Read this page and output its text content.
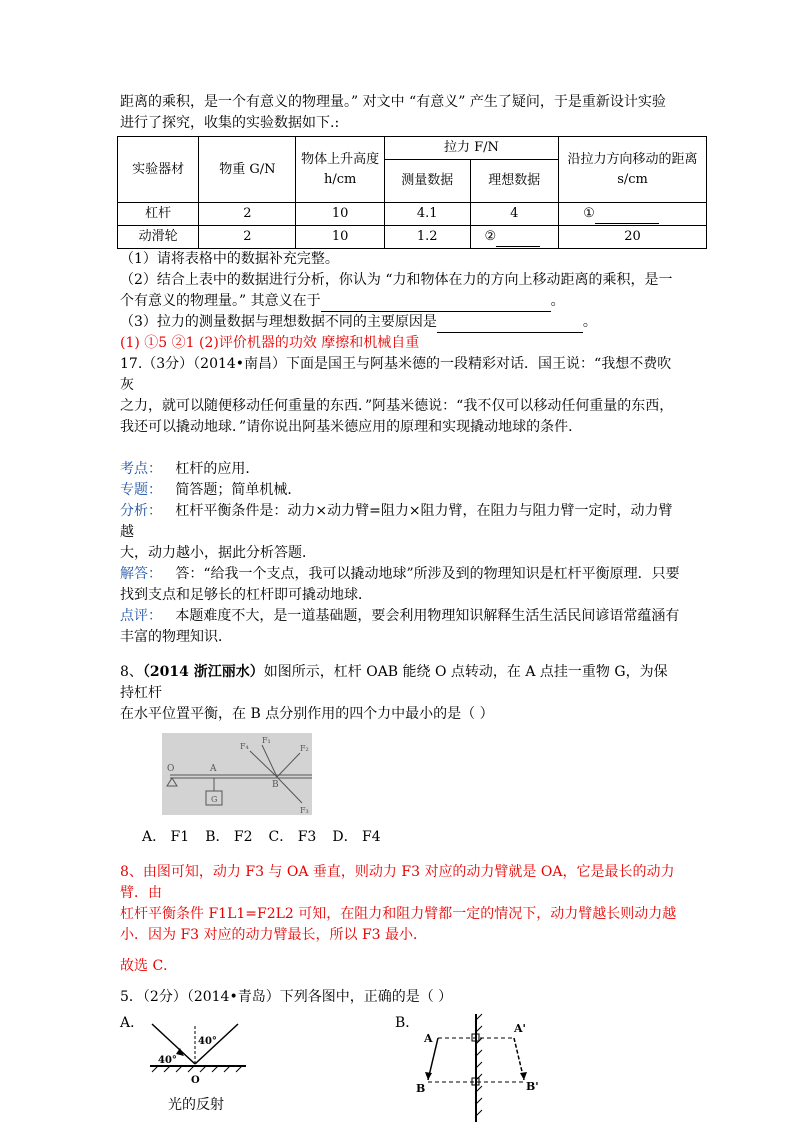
距离的乘积，是一个有意义的物理量。” 对文中 “有意义” 产生了疑问，于是重新设计实验

进行了探究，收集的实验数据如下.:

实验器材	物重 G/N	物体上升高度 h/cm	拉力 F/N		沿拉力方向移动的距离 s/cm
			测量数据	理想数据	
杠杆	2	10	4.1	4	①
动滑轮	2	10	1.2	②	20

（1）请将表格中的数据补充完整。

（2）结合上表中的数据进行分析，你认为 “力和物体在力的方向上移动距离的乘积，是一

个有意义的物理量。” 其意义在于	。

（3）拉力的测量数据与理想数据不同的主要原因是	。

(1) ①5 ②1 (2)评价机器的功效 摩擦和机械自重

17.（3分）（2014•南昌）下面是国王与阿基米德的一段精彩对话．国王说：“我想不费吹灰

之力，就可以随便移动任何重量的东西．”阿基米德说：“我不仅可以移动任何重量的东西，

我还可以撬动地球．”请你说出阿基米德应用的原理和实现撬动地球的条件．

考点： 杠杆的应用．

专题： 简答题；简单机械．

分析： 杠杆平衡条件是：动力×动力臂=阻力×阻力臂，在阻力与阻力臂一定时，动力臂越

大，动力越小，据此分析答题．

解答： 答：“给我一个支点，我可以撬动地球”所涉及到的物理知识是杠杆平衡原理．只要

找到支点和足够长的杠杆即可撬动地球．

点评： 本题难度不大，是一道基础题，要会利用物理知识解释生活生活民间谚语常蕴涵有

丰富的物理知识．

8、（2014 浙江丽水）如图所示，杠杆 OAB 能绕 O 点转动，在 A 点挂一重物 G，为保持杠杆

在水平位置平衡，在 B 点分别作用的四个力中最小的是（ ）

O	A
B
G
F₄
F₁
F₂
F₃

A． F1 B． F2 C． F3 D． F4

8、由图可知，动力 F3 与 OA 垂直，则动力 F3 对应的动力臂就是 OA，它是最长的动力臂．由

杠杆平衡条件 F1L1=F2L2 可知，在阻力和阻力臂都一定的情况下，动力臂越长则动力越

小．因为 F3 对应的动力臂最长，所以 F3 最小．

故选 C．

5．（2分）（2014•青岛）下列各图中，正确的是（ ）

A．
40°
40°
O
光的反射
B．
A
A'
B	B'
